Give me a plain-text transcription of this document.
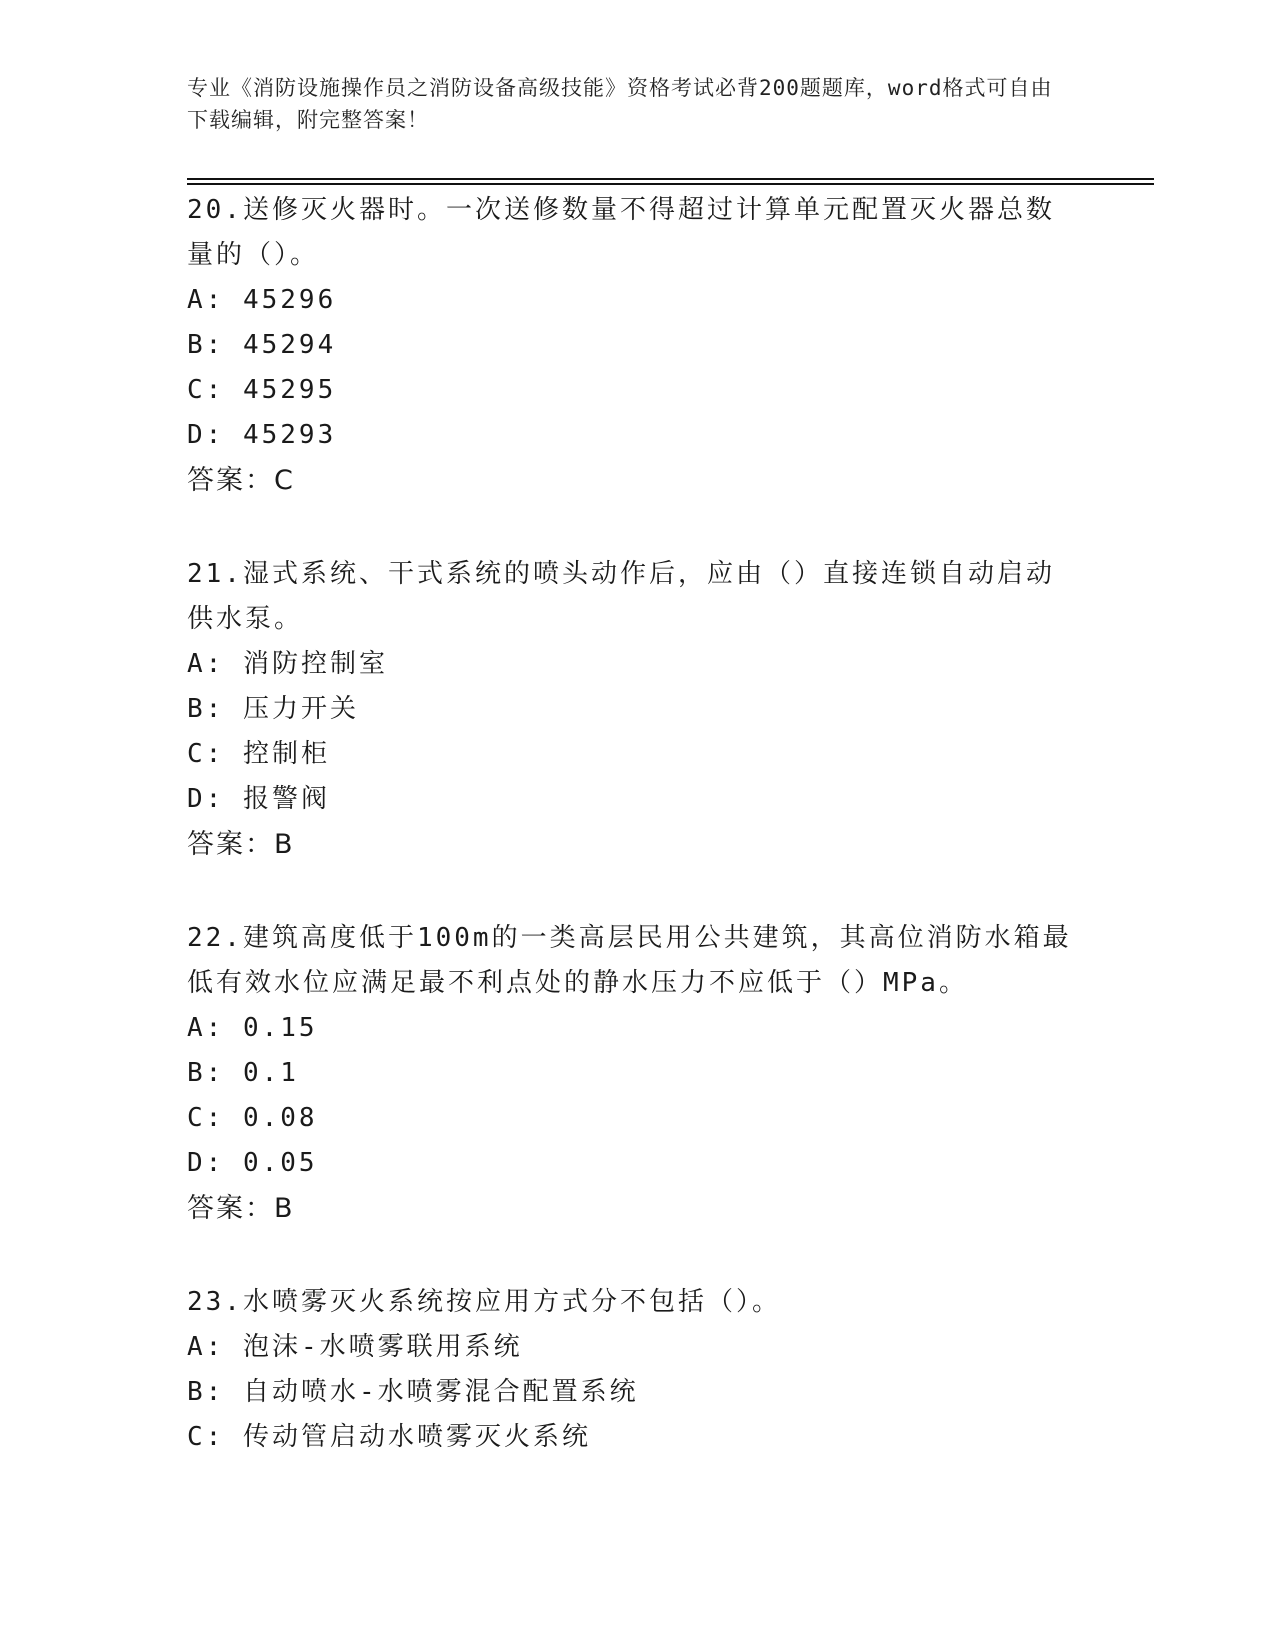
专业《消防设施操作员之消防设备高级技能》资格考试必背200题题库，word格式可自由下载编辑，附完整答案！

20.送修灭火器时。一次送修数量不得超过计算单元配置灭火器总数量的（）。

A: 45296

B: 45294

C: 45295

D: 45293

答案：C

21.湿式系统、干式系统的喷头动作后，应由（）直接连锁自动启动供水泵。

A: 消防控制室

B: 压力开关

C: 控制柜

D: 报警阀

答案：B

22.建筑高度低于100m的一类高层民用公共建筑，其高位消防水箱最低有效水位应满足最不利点处的静水压力不应低于（）MPa。

A: 0.15

B: 0.1

C: 0.08

D: 0.05

答案：B

23.水喷雾灭火系统按应用方式分不包括（）。

A: 泡沫-水喷雾联用系统

B: 自动喷水-水喷雾混合配置系统

C: 传动管启动水喷雾灭火系统
